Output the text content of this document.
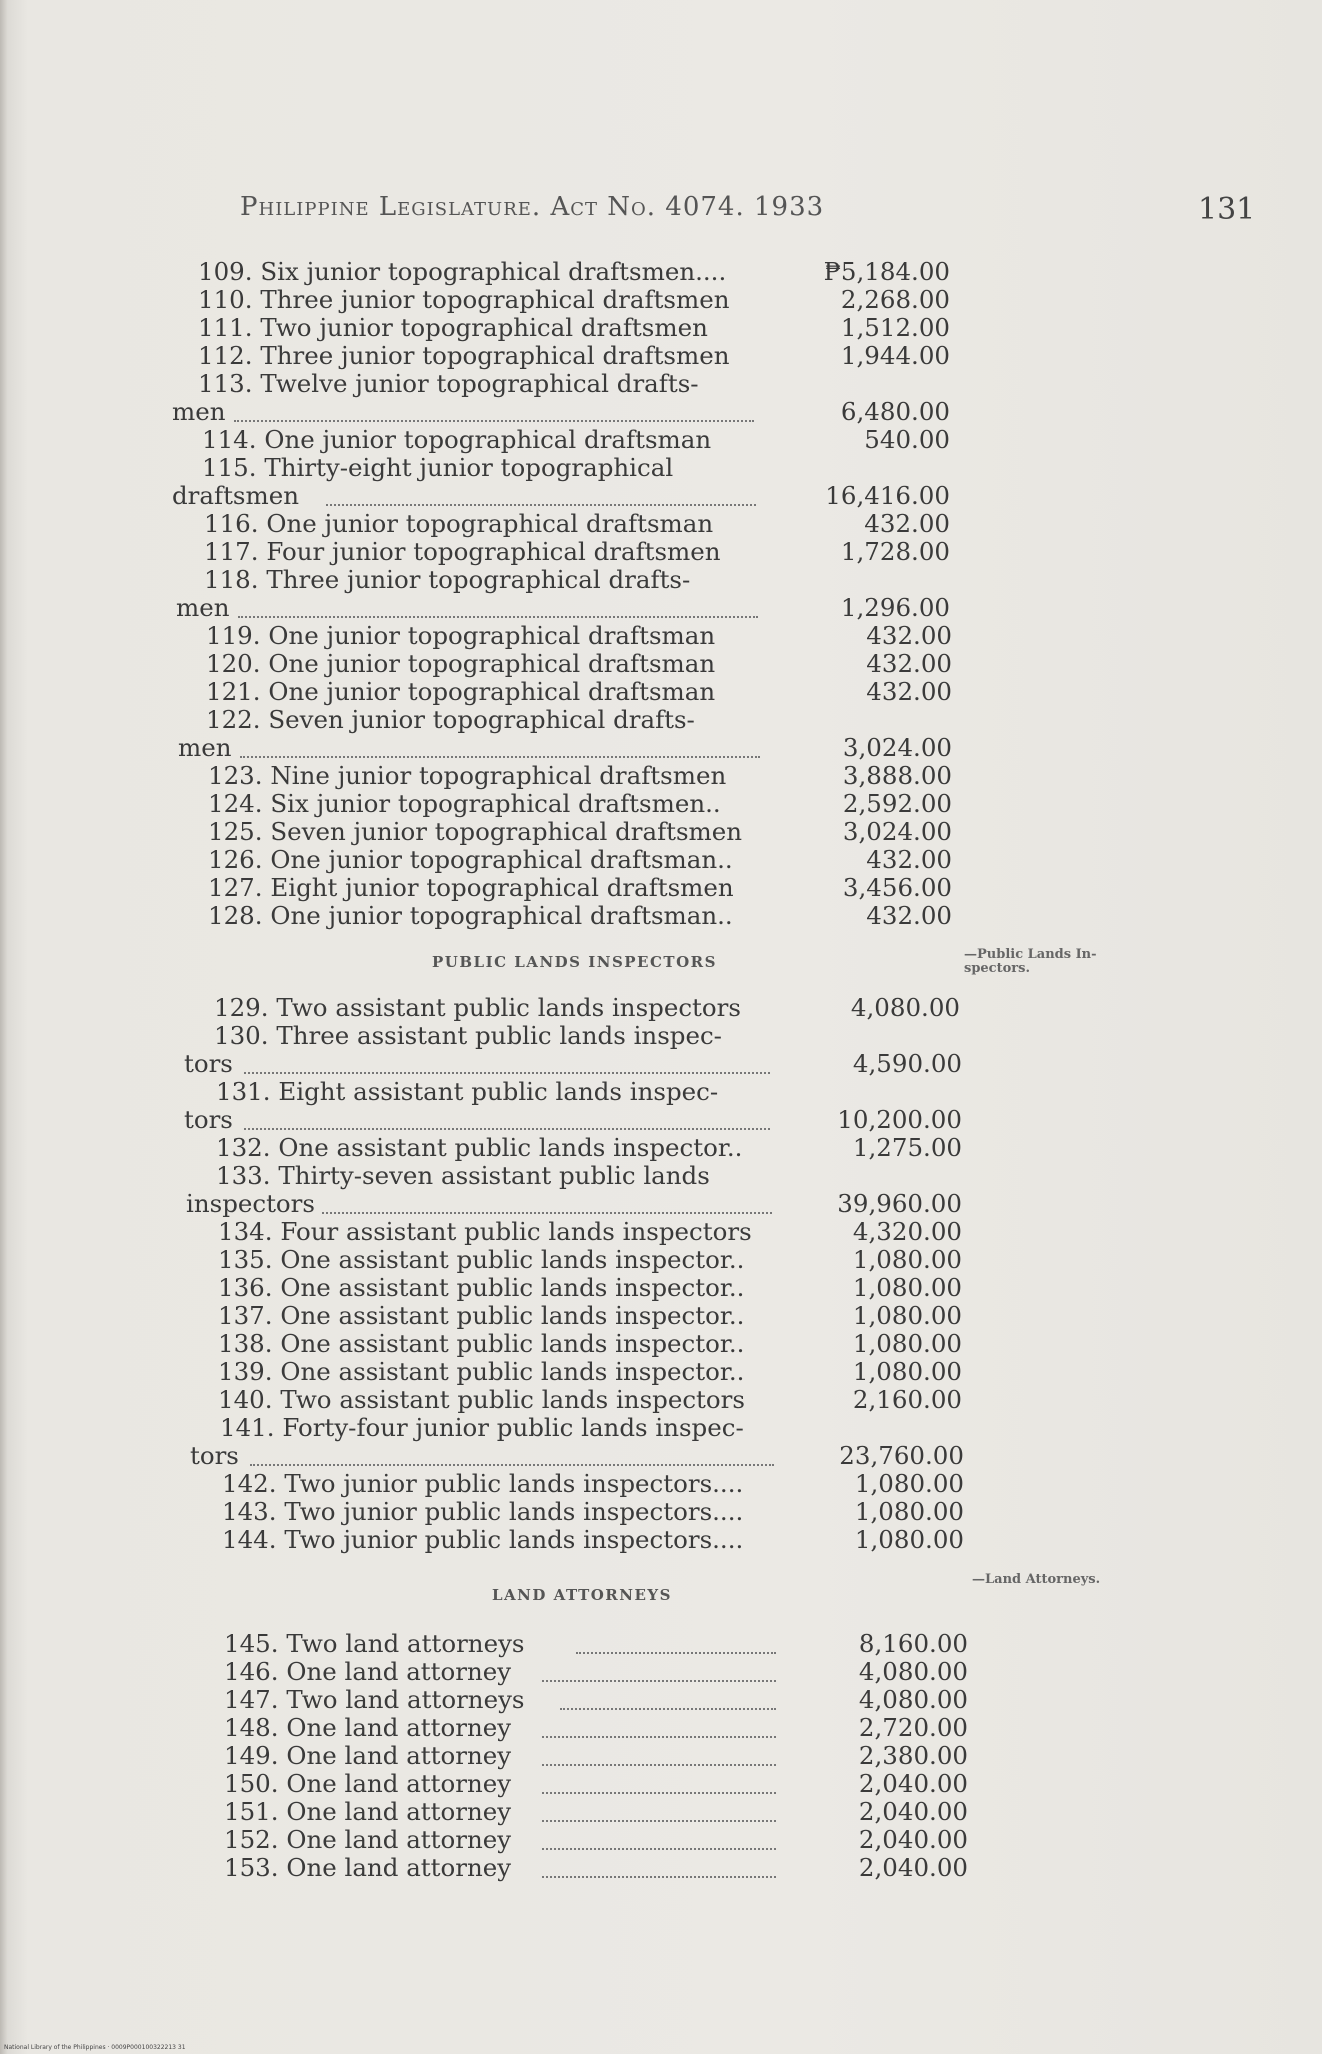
Philippine Legislature. Act No. 4074. 1933	131
109. Six junior topographical draftsmen....	₱5,184.00
110. Three junior topographical draftsmen	2,268.00
111. Two junior topographical draftsmen	1,512.00
112. Three junior topographical draftsmen	1,944.00
113. Twelve junior topographical drafts-
men	6,480.00
114. One junior topographical draftsman	540.00
115. Thirty-eight junior topographical
draftsmen	16,416.00
116. One junior topographical draftsman	432.00
117. Four junior topographical draftsmen	1,728.00
118. Three junior topographical drafts-
men	1,296.00
119. One junior topographical draftsman	432.00
120. One junior topographical draftsman	432.00
121. One junior topographical draftsman	432.00
122. Seven junior topographical drafts-
men	3,024.00
123. Nine junior topographical draftsmen	3,888.00
124. Six junior topographical draftsmen..	2,592.00
125. Seven junior topographical draftsmen	3,024.00
126. One junior topographical draftsman..	432.00
127. Eight junior topographical draftsmen	3,456.00
128. One junior topographical draftsman..	432.00
PUBLIC LANDS INSPECTORS	—Public Lands In-
spectors.
129. Two assistant public lands inspectors	4,080.00
130. Three assistant public lands inspec-
tors	4,590.00
131. Eight assistant public lands inspec-
tors	10,200.00
132. One assistant public lands inspector..	1,275.00
133. Thirty-seven assistant public lands
inspectors	39,960.00
134. Four assistant public lands inspectors	4,320.00
135. One assistant public lands inspector..	1,080.00
136. One assistant public lands inspector..	1,080.00
137. One assistant public lands inspector..	1,080.00
138. One assistant public lands inspector..	1,080.00
139. One assistant public lands inspector..	1,080.00
140. Two assistant public lands inspectors	2,160.00
141. Forty-four junior public lands inspec-
tors	23,760.00
142. Two junior public lands inspectors....	1,080.00
143. Two junior public lands inspectors....	1,080.00
144. Two junior public lands inspectors....	1,080.00
LAND ATTORNEYS
—Land Attorneys.
145. Two land attorneys	8,160.00
146. One land attorney	4,080.00
147. Two land attorneys	4,080.00
148. One land attorney	2,720.00
149. One land attorney	2,380.00
150. One land attorney	2,040.00
151. One land attorney	2,040.00
152. One land attorney	2,040.00
153. One land attorney	2,040.00
National Library of the Philippines · 0009P000100322213 31
